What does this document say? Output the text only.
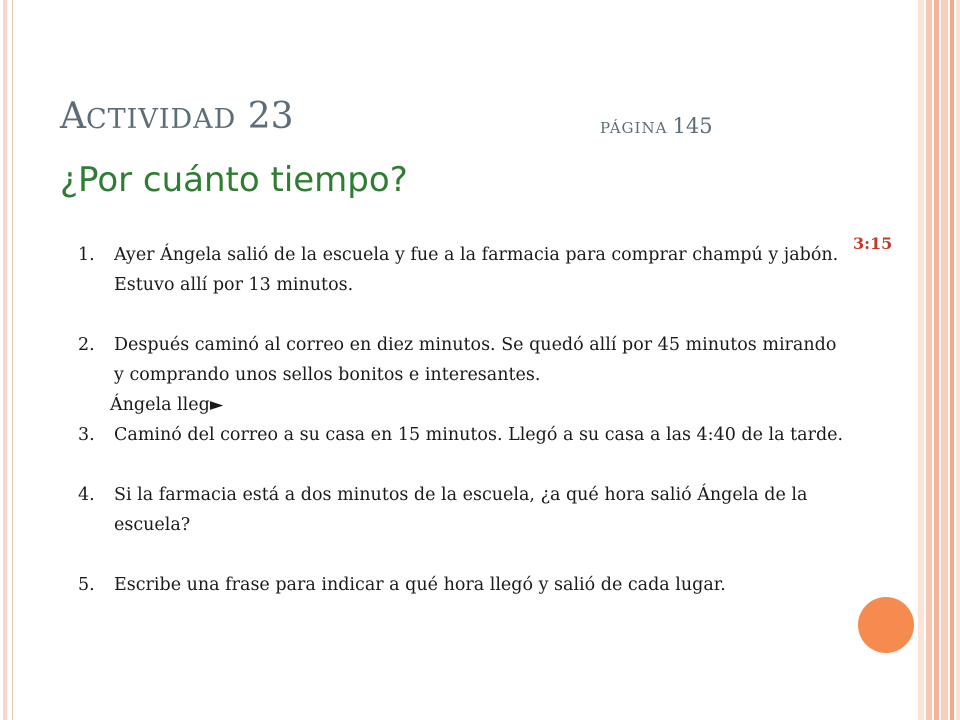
ACTIVIDAD 23	PÁGINA 145
¿Por cuánto tiempo?
3:15
1. Ayer Ángela salió de la escuela y fue a la farmacia para comprar champú y jabón. Estuvo allí por 13 minutos.
2. Después caminó al correo en diez minutos. Se quedó allí por 45 minutos mirando y comprando unos sellos bonitos e interesantes.
Ángela lleg►
3. Caminó del correo a su casa en 15 minutos. Llegó a su casa a las 4:40 de la tarde.
4. Si la farmacia está a dos minutos de la escuela, ¿a qué hora salió Ángela de la escuela?
5. Escribe una frase para indicar a qué hora llegó y salió de cada lugar.
